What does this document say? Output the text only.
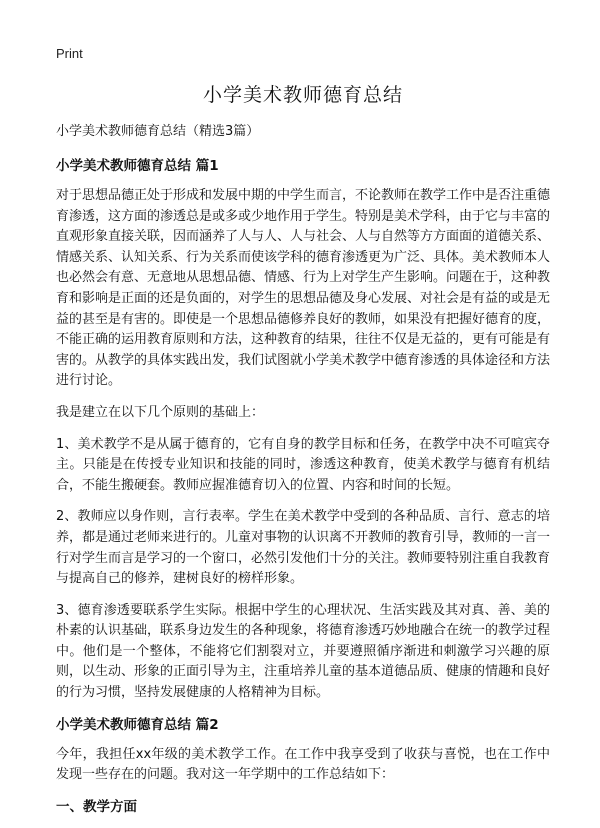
Print
小学美术教师德育总结

小学美术教师德育总结（精选3篇）

小学美术教师德育总结 篇1

对于思想品德正处于形成和发展中期的中学生而言，不论教师在教学工作中是否注重德育渗透，这方面的渗透总是或多或少地作用于学生。特别是美术学科，由于它与丰富的直观形象直接关联，因而涵养了人与人、人与社会、人与自然等方方面面的道德关系、情感关系、认知关系、行为关系而使该学科的德育渗透更为广泛、具体。美术教师本人也必然会有意、无意地从思想品德、情感、行为上对学生产生影响。问题在于，这种教育和影响是正面的还是负面的，对学生的思想品德及身心发展、对社会是有益的或是无益的甚至是有害的。即使是一个思想品德修养良好的教师，如果没有把握好德育的度，不能正确的运用教育原则和方法，这种教育的结果，往往不仅是无益的，更有可能是有害的。从教学的具体实践出发，我们试图就小学美术教学中德育渗透的具体途径和方法进行讨论。

我是建立在以下几个原则的基础上：

1、美术教学不是从属于德育的，它有自身的教学目标和任务，在教学中决不可喧宾夺主。只能是在传授专业知识和技能的同时，渗透这种教育，使美术教学与德育有机结合，不能生搬硬套。教师应握准德育切入的位置、内容和时间的长短。

2、教师应以身作则，言行表率。学生在美术教学中受到的各种品质、言行、意志的培养，都是通过老师来进行的。儿童对事物的认识离不开教师的教育引导，教师的一言一行对学生而言是学习的一个窗口，必然引发他们十分的关注。教师要特别注重自我教育与提高自己的修养，建树良好的榜样形象。

3、德育渗透要联系学生实际。根据中学生的心理状况、生活实践及其对真、善、美的朴素的认识基础，联系身边发生的各种现象，将德育渗透巧妙地融合在统一的教学过程中。他们是一个整体，不能将它们割裂对立，并要遵照循序渐进和刺激学习兴趣的原则，以生动、形象的正面引导为主，注重培养儿童的基本道德品质、健康的情趣和良好的行为习惯，坚持发展健康的人格精神为目标。

小学美术教师德育总结 篇2

今年，我担任xx年级的美术教学工作。在工作中我享受到了收获与喜悦，也在工作中发现一些存在的问题。我对这一年学期中的工作总结如下：

一、教学方面
